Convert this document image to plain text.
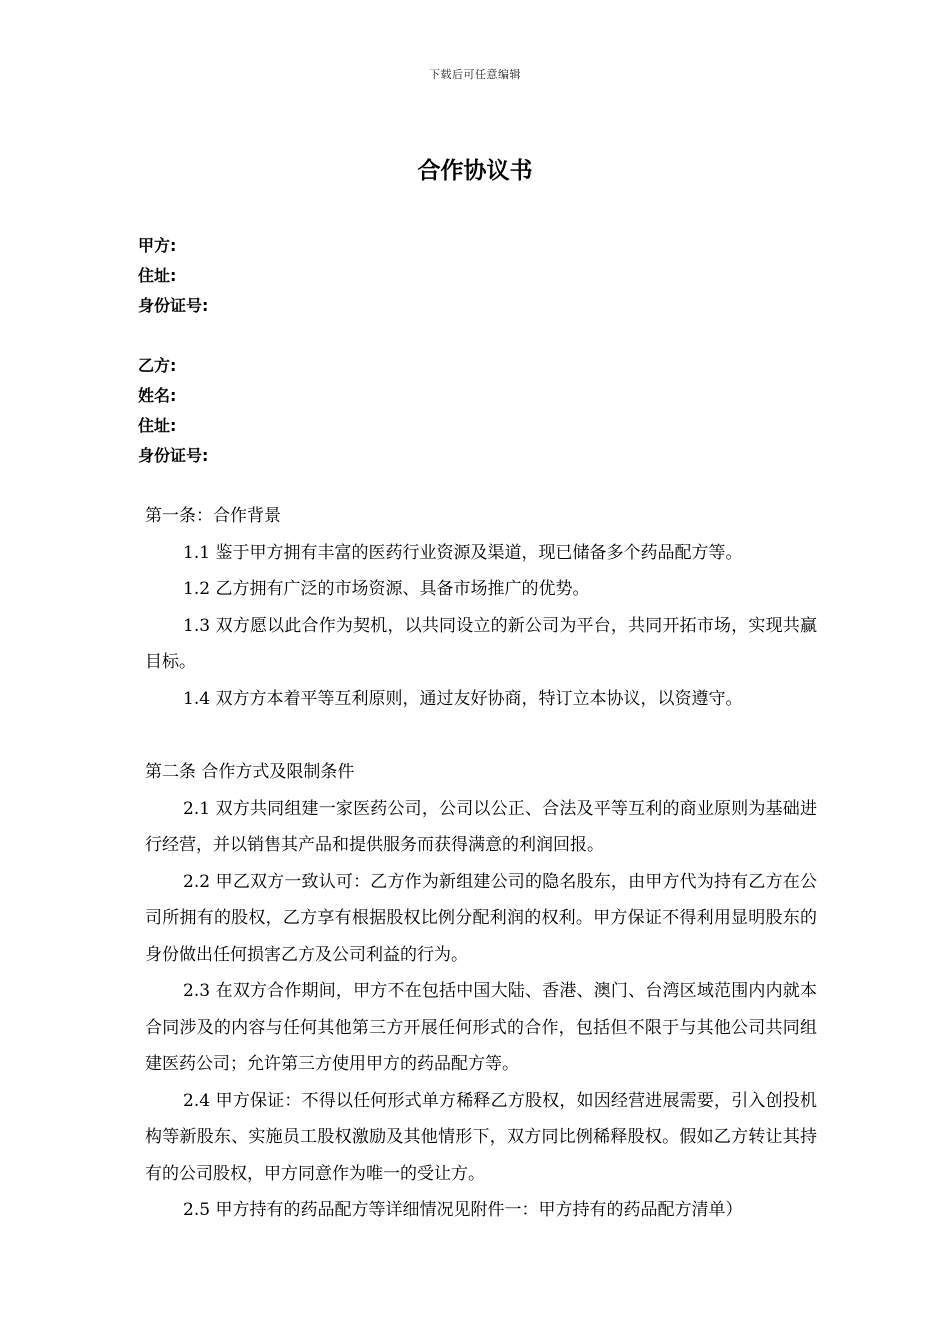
下载后可任意编辑
合作协议书
甲方:
住址:
身份证号:
乙方:
姓名:
住址:
身份证号:

第一条：合作背景

1.1 鉴于甲方拥有丰富的医药行业资源及渠道，现已储备多个药品配方等。

1.2 乙方拥有广泛的市场资源、具备市场推广的优势。

1.3 双方愿以此合作为契机，以共同设立的新公司为平台，共同开拓市场，实现共赢目标。

1.4 双方方本着平等互利原则，通过友好协商，特订立本协议，以资遵守。

第二条 合作方式及限制条件

2.1 双方共同组建一家医药公司，公司以公正、合法及平等互利的商业原则为基础进行经营，并以销售其产品和提供服务而获得满意的利润回报。

2.2 甲乙双方一致认可：乙方作为新组建公司的隐名股东，由甲方代为持有乙方在公司所拥有的股权，乙方享有根据股权比例分配利润的权利。甲方保证不得利用显明股东的身份做出任何损害乙方及公司利益的行为。

2.3 在双方合作期间，甲方不在包括中国大陆、香港、澳门、台湾区域范围内内就本合同涉及的内容与任何其他第三方开展任何形式的合作，包括但不限于与其他公司共同组建医药公司；允许第三方使用甲方的药品配方等。

2.4 甲方保证：不得以任何形式单方稀释乙方股权，如因经营进展需要，引入创投机构等新股东、实施员工股权激励及其他情形下，双方同比例稀释股权。假如乙方转让其持有的公司股权，甲方同意作为唯一的受让方。

2.5 甲方持有的药品配方等详细情况见附件一：甲方持有的药品配方清单）
